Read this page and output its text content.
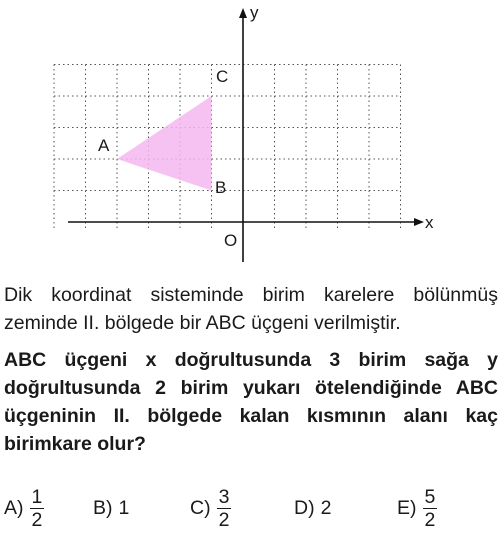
x
y
O
A
B
C

Dik koordinat sisteminde birim karelere bölünmüş zeminde II. bölgede bir ABC üçgeni verilmiştir.

ABC üçgeni x doğrultusunda 3 birim sağa y doğrultusunda 2 birim yukarı ötelendiğinde ABC üçgeninin II. bölgede kalan kısmının alanı kaç birimkare olur?

$A) \frac{1}{2} B$) 1	$C) \frac{3}{2}$	D) 2	$E) \frac{5}{2}$
